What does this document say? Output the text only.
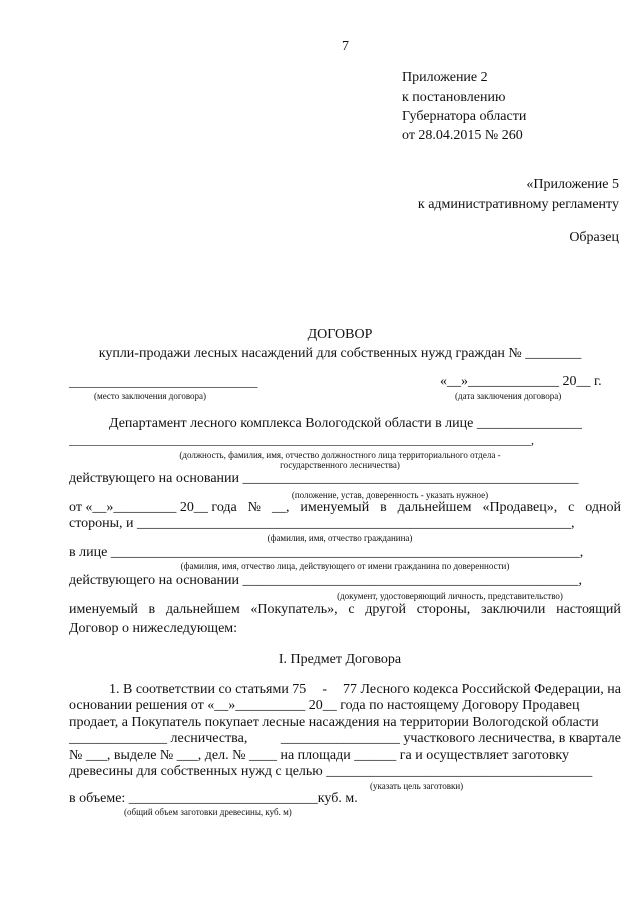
7
Приложение 2
к постановлению
Губернатора области
от 28.04.2015 № 260
«Приложение 5
к административному регламенту
Образец
ДОГОВОР
купли-продажи лесных насаждений для собственных нужд граждан № ________
_____________________________	«__»_____________ 20__ г.
(место заключения договора)	(дата заключения договора)
Департамент лесного комплекса Вологодской области в лице _______________
_____________________________________________________________________________,
(должность, фамилия, имя, отчество должностного лица территориального отдела -
государственного лесничества)
действующего на основании ________________________________________________
(положение, устав, доверенность - указать нужное)
от «__»_________ 20__ года № __, именуемый в дальнейшем «Продавец», с одной
стороны, и ______________________________________________________________,
(фамилия, имя, отчество гражданина)
в лице ___________________________________________________________________,
(фамилия, имя, отчество лица, действующего от имени гражданина по доверенности)
действующего на основании ________________________________________________,
(документ, удостоверяющий личность, представительство)
именуемый в дальнейшем «Покупатель», с другой стороны, заключили настоящий
Договор о нижеследующем:
I. Предмет Договора
1. В соответствии со статьями 75 - 77 Лесного кодекса Российской Федерации, на
основании решения от «__»__________ 20__ года по настоящему Договору Продавец
продает, а Покупатель покупает лесные насаждения на территории Вологодской области
______________ лесничества, _________________ участкового лесничества, в квартале
№ ___, выделе № ___, дел. № ____ на площади ______ га и осуществляет заготовку
древесины для собственных нужд с целью ______________________________________
(указать цель заготовки)
в объеме: ___________________________куб. м.
(общий объем заготовки древесины, куб. м)
